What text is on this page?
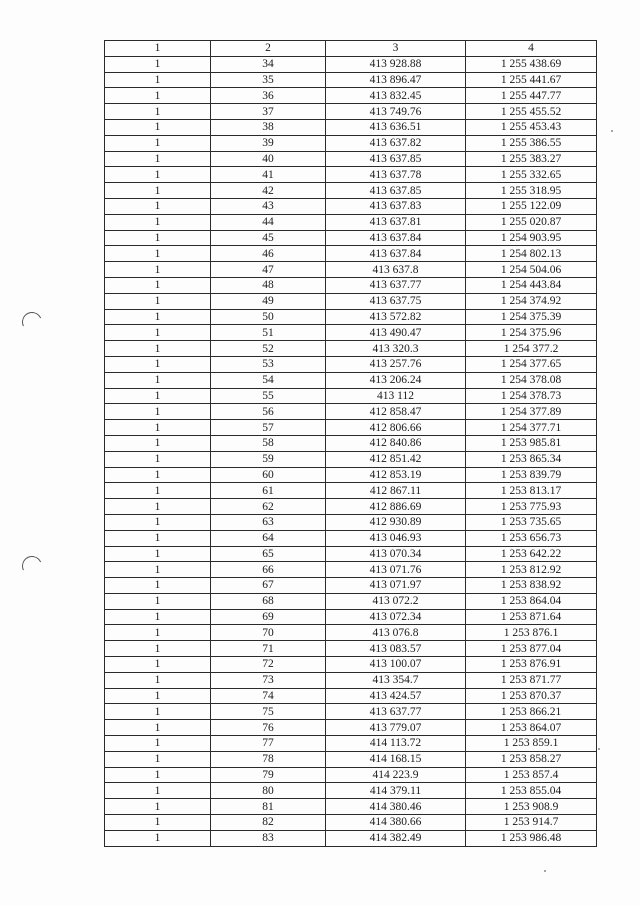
1	2	3	4
1	34	413 928.88	1 255 438.69
1	35	413 896.47	1 255 441.67
1	36	413 832.45	1 255 447.77
1	37	413 749.76	1 255 455.52
1	38	413 636.51	1 255 453.43
1	39	413 637.82	1 255 386.55
1	40	413 637.85	1 255 383.27
1	41	413 637.78	1 255 332.65
1	42	413 637.85	1 255 318.95
1	43	413 637.83	1 255 122.09
1	44	413 637.81	1 255 020.87
1	45	413 637.84	1 254 903.95
1	46	413 637.84	1 254 802.13
1	47	413 637.8	1 254 504.06
1	48	413 637.77	1 254 443.84
1	49	413 637.75	1 254 374.92
1	50	413 572.82	1 254 375.39
1	51	413 490.47	1 254 375.96
1	52	413 320.3	1 254 377.2
1	53	413 257.76	1 254 377.65
1	54	413 206.24	1 254 378.08
1	55	413 112	1 254 378.73
1	56	412 858.47	1 254 377.89
1	57	412 806.66	1 254 377.71
1	58	412 840.86	1 253 985.81
1	59	412 851.42	1 253 865.34
1	60	412 853.19	1 253 839.79
1	61	412 867.11	1 253 813.17
1	62	412 886.69	1 253 775.93
1	63	412 930.89	1 253 735.65
1	64	413 046.93	1 253 656.73
1	65	413 070.34	1 253 642.22
1	66	413 071.76	1 253 812.92
1	67	413 071.97	1 253 838.92
1	68	413 072.2	1 253 864.04
1	69	413 072.34	1 253 871.64
1	70	413 076.8	1 253 876.1
1	71	413 083.57	1 253 877.04
1	72	413 100.07	1 253 876.91
1	73	413 354.7	1 253 871.77
1	74	413 424.57	1 253 870.37
1	75	413 637.77	1 253 866.21
1	76	413 779.07	1 253 864.07
1	77	414 113.72	1 253 859.1
1	78	414 168.15	1 253 858.27
1	79	414 223.9	1 253 857.4
1	80	414 379.11	1 253 855.04
1	81	414 380.46	1 253 908.9
1	82	414 380.66	1 253 914.7
1	83	414 382.49	1 253 986.48
